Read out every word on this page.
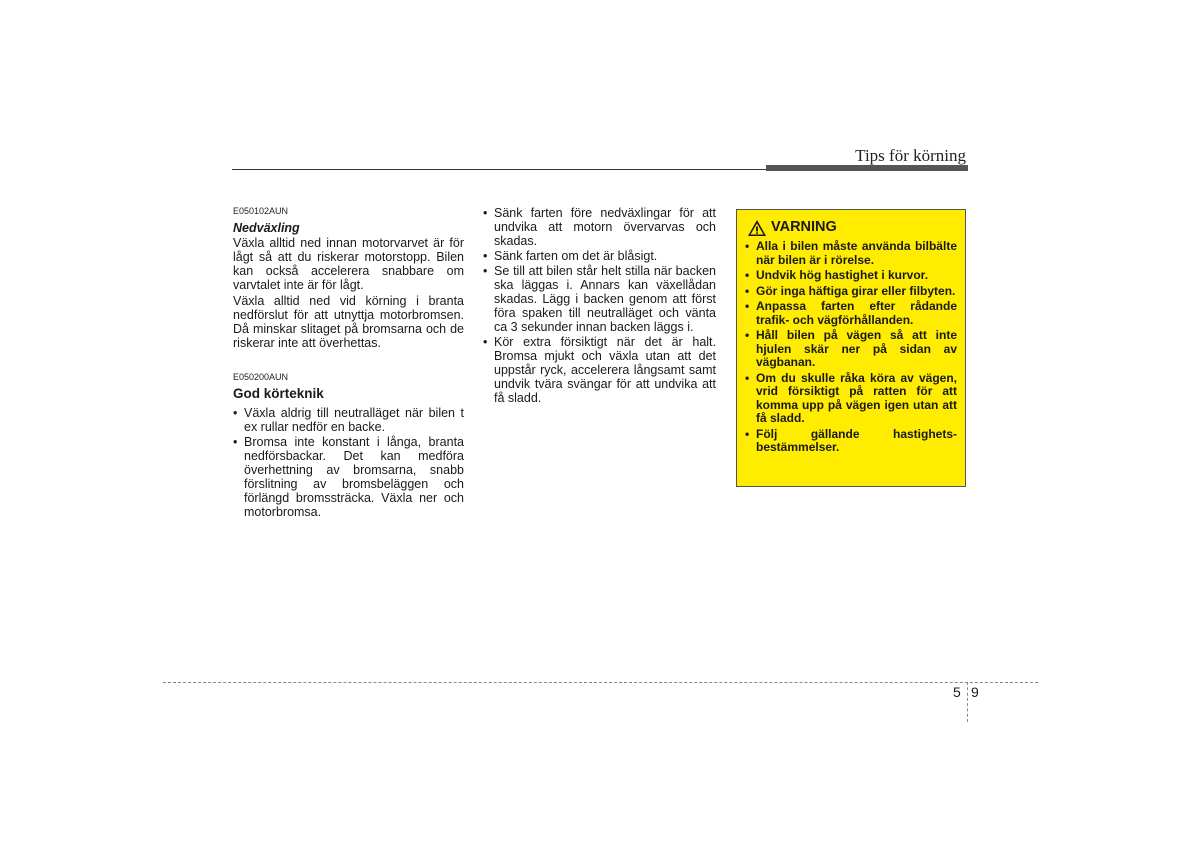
Tips för körning
E050102AUN
Nedväxling

Växla alltid ned innan motorvarvet är för lågt så att du riskerar motorstopp. Bilen kan också accelerera snabbare om varvtalet inte är för lågt.

Växla alltid ned vid körning i branta nedförslut för att utnyttja motorbromsen. Då minskar slitaget på bromsarna och de riskerar inte att överhettas.

E050200AUN
God körteknik
• Växla aldrig till neutralläget när bilen t ex rullar nedför en backe.
• Bromsa inte konstant i långa, branta nedförsbackar. Det kan medföra överhettning av bromsarna, snabb förslitning av bromsbeläggen och förlängd bromssträcka. Växla ner och motorbromsa.
• Sänk farten före nedväxlingar för att undvika att motorn övervarvas och skadas.
• Sänk farten om det är blåsigt.
• Se till att bilen står helt stilla när backen ska läggas i. Annars kan växellådan skadas. Lägg i backen genom att först föra spaken till neutralläget och vänta ca 3 sekunder innan backen läggs i.
• Kör extra försiktigt när det är halt. Bromsa mjukt och växla utan att det uppstår ryck, accelerera långsamt samt undvik tvära svängar för att undvika att få sladd.
VARNING
• Alla i bilen måste använda bilbälte när bilen är i rörelse.
• Undvik hög hastighet i kurvor.
• Gör inga häftiga girar eller filbyten.
• Anpassa farten efter rådande trafik- och vägförhållanden.
• Håll bilen på vägen så att inte hjulen skär ner på sidan av vägbanan.
• Om du skulle råka köra av vägen, vrid försiktigt på ratten för att komma upp på vägen igen utan att få sladd.
• Följ gällande hastighets-bestämmelser.
5 9
